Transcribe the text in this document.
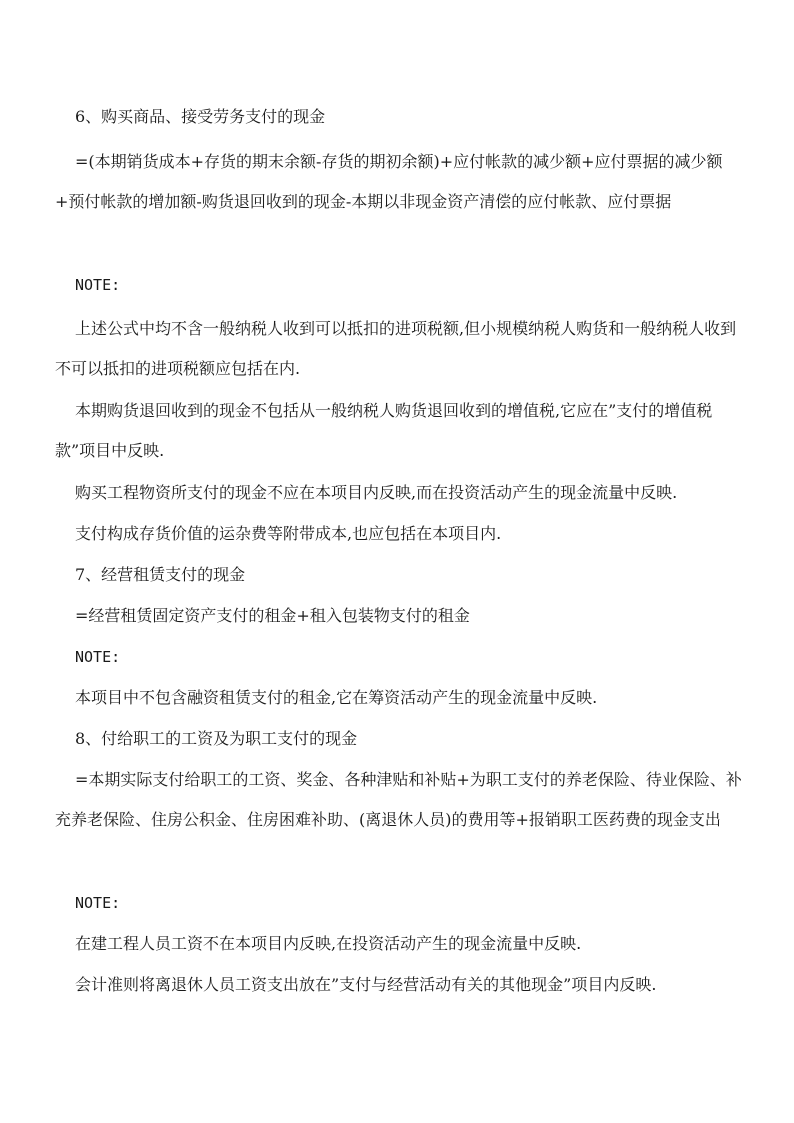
6、购买商品、接受劳务支付的现金

=(本期销货成本+存货的期末余额-存货的期初余额)+应付帐款的减少额+应付票据的减少额+预付帐款的增加额-购货退回收到的现金-本期以非现金资产清偿的应付帐款、应付票据

NOTE:

上述公式中均不含一般纳税人收到可以抵扣的进项税额,但小规模纳税人购货和一般纳税人收到不可以抵扣的进项税额应包括在内.

本期购货退回收到的现金不包括从一般纳税人购货退回收到的增值税,它应在”支付的增值税款”项目中反映.

购买工程物资所支付的现金不应在本项目内反映,而在投资活动产生的现金流量中反映.

支付构成存货价值的运杂费等附带成本,也应包括在本项目内.

7、经营租赁支付的现金

=经营租赁固定资产支付的租金+租入包装物支付的租金

NOTE:

本项目中不包含融资租赁支付的租金,它在筹资活动产生的现金流量中反映.

8、付给职工的工资及为职工支付的现金

=本期实际支付给职工的工资、奖金、各种津贴和补贴+为职工支付的养老保险、待业保险、补充养老保险、住房公积金、住房困难补助、(离退休人员)的费用等+报销职工医药费的现金支出

NOTE:

在建工程人员工资不在本项目内反映,在投资活动产生的现金流量中反映.

会计准则将离退休人员工资支出放在”支付与经营活动有关的其他现金”项目内反映.
